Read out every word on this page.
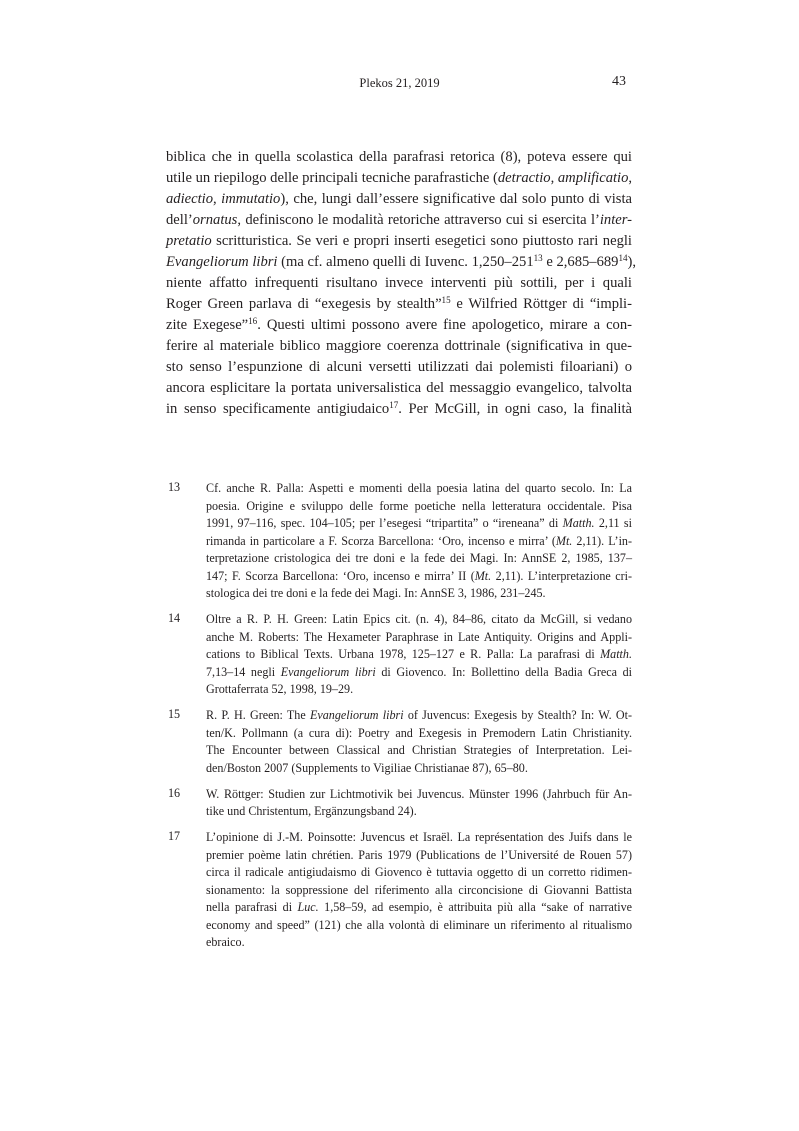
Plekos 21, 2019	43
biblica che in quella scolastica della parafrasi retorica (8), poteva essere qui
utile un riepilogo delle principali tecniche parafrastiche (detractio, amplificatio,
adiectio, immutatio), che, lungi dall’essere significative dal solo punto di vista
dell’ornatus, definiscono le modalità retoriche attraverso cui si esercita l’inter-
pretatio scritturistica. Se veri e propri inserti esegetici sono piuttosto rari negli
Evangeliorum libri (ma cf. almeno quelli di Iuvenc. $1,250-251^{13}$ e $2,685-689^{14}$),
niente affatto infrequenti risultano invece interventi più sottili, per i quali
Roger Green parlava di “exegesis by stealth”$^{15}$ e Wilfried Röttger di “impli-
zite Exegese”$^{16}$. Questi ultimi possono avere fine apologetico, mirare a con-
ferire al materiale biblico maggiore coerenza dottrinale (significativa in que-
sto senso l’espunzione di alcuni versetti utilizzati dai polemisti filoariani) o
ancora esplicitare la portata universalistica del messaggio evangelico, talvolta
in senso specificamente antigiudaico$^{17}$. Per McGill, in ogni caso, la finalità
13 Cf. anche R. Palla: Aspetti e momenti della poesia latina del quarto secolo. In: La
poesia. Origine e sviluppo delle forme poetiche nella letteratura occidentale. Pisa
1991, 97–116, spec. 104–105; per l’esegesi “tripartita” o “ireneana” di Matth. 2,11 si
rimanda in particolare a F. Scorza Barcellona: ‘Oro, incenso e mirra’ (Mt. 2,11). L’in-
terpretazione cristologica dei tre doni e la fede dei Magi. In: AnnSE 2, 1985, 137–
147; F. Scorza Barcellona: ‘Oro, incenso e mirra’ II (Mt. 2,11). L’interpretazione cri-
stologica dei tre doni e la fede dei Magi. In: AnnSE 3, 1986, 231–245.
14 Oltre a R. P. H. Green: Latin Epics cit. (n. 4), 84–86, citato da McGill, si vedano
anche M. Roberts: The Hexameter Paraphrase in Late Antiquity. Origins and Appli-
cations to Biblical Texts. Urbana 1978, 125–127 e R. Palla: La parafrasi di Matth.
7,13–14 negli Evangeliorum libri di Giovenco. In: Bollettino della Badia Greca di
Grottaferrata 52, 1998, 19–29.
15 R. P. H. Green: The Evangeliorum libri of Juvencus: Exegesis by Stealth? In: W. Ot-
ten/K. Pollmann (a cura di): Poetry and Exegesis in Premodern Latin Christianity.
The Encounter between Classical and Christian Strategies of Interpretation. Lei-
den/Boston 2007 (Supplements to Vigiliae Christianae 87), 65–80.
16 W. Röttger: Studien zur Lichtmotivik bei Juvencus. Münster 1996 (Jahrbuch für An-
tike und Christentum, Ergänzungsband 24).
17 L’opinione di J.-M. Poinsotte: Juvencus et Israël. La représentation des Juifs dans le
premier poème latin chrétien. Paris 1979 (Publications de l’Université de Rouen 57)
circa il radicale antigiudaismo di Giovenco è tuttavia oggetto di un corretto ridimen-
sionamento: la soppressione del riferimento alla circoncisione di Giovanni Battista
nella parafrasi di Luc. 1,58–59, ad esempio, è attribuita più alla “sake of narrative
economy and speed” (121) che alla volontà di eliminare un riferimento al ritualismo
ebraico.
